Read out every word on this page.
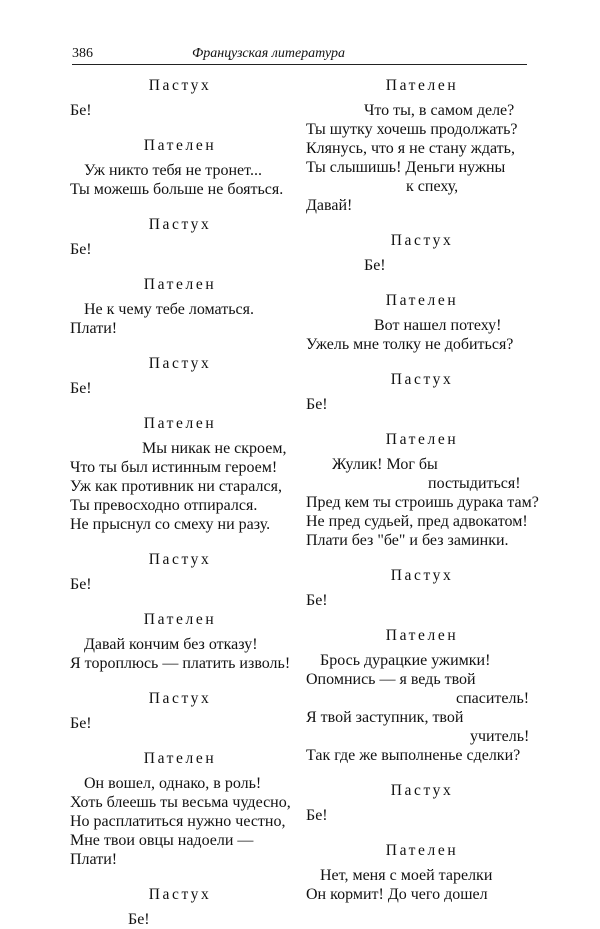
386	Французская литература
Пастух
Бе!
Пателен
Уж никто тебя не тронет...
Ты можешь больше не бояться.
Пастух
Бе!
Пателен
Не к чему тебе ломаться.
Плати!
Пастух
Бе!
Пателен
Мы никак не скроем,
Что ты был истинным героем!
Уж как противник ни старался,
Ты превосходно отпирался.
Не прыснул со смеху ни разу.
Пастух
Бе!
Пателен
Давай кончим без отказу!
Я тороплюсь — платить изволь!
Пастух
Бе!
Пателен
Он вошел, однако, в роль!
Хоть блеешь ты весьма чудесно,
Но расплатиться нужно честно,
Мне твои овцы надоели —
Плати!
Пастух
Бе!
Пателен
Что ты, в самом деле?
Ты шутку хочешь продолжать?
Клянусь, что я не стану ждать,
Ты слышишь! Деньги нужны
к спеху,
Давай!
Пастух
Бе!
Пателен
Вот нашел потеху!
Ужель мне толку не добиться?
Пастух
Бе!
Пателен
Жулик! Мог бы
постыдиться!
Пред кем ты строишь дурака там?
Не пред судьей, пред адвокатом!
Плати без "бе" и без заминки.
Пастух
Бе!
Пателен
Брось дурацкие ужимки!
Опомнись — я ведь твой
спаситель!
Я твой заступник, твой
учитель!
Так где же выполненье сделки?
Пастух
Бе!
Пателен
Нет, меня с моей тарелки
Он кормит! До чего дошел
